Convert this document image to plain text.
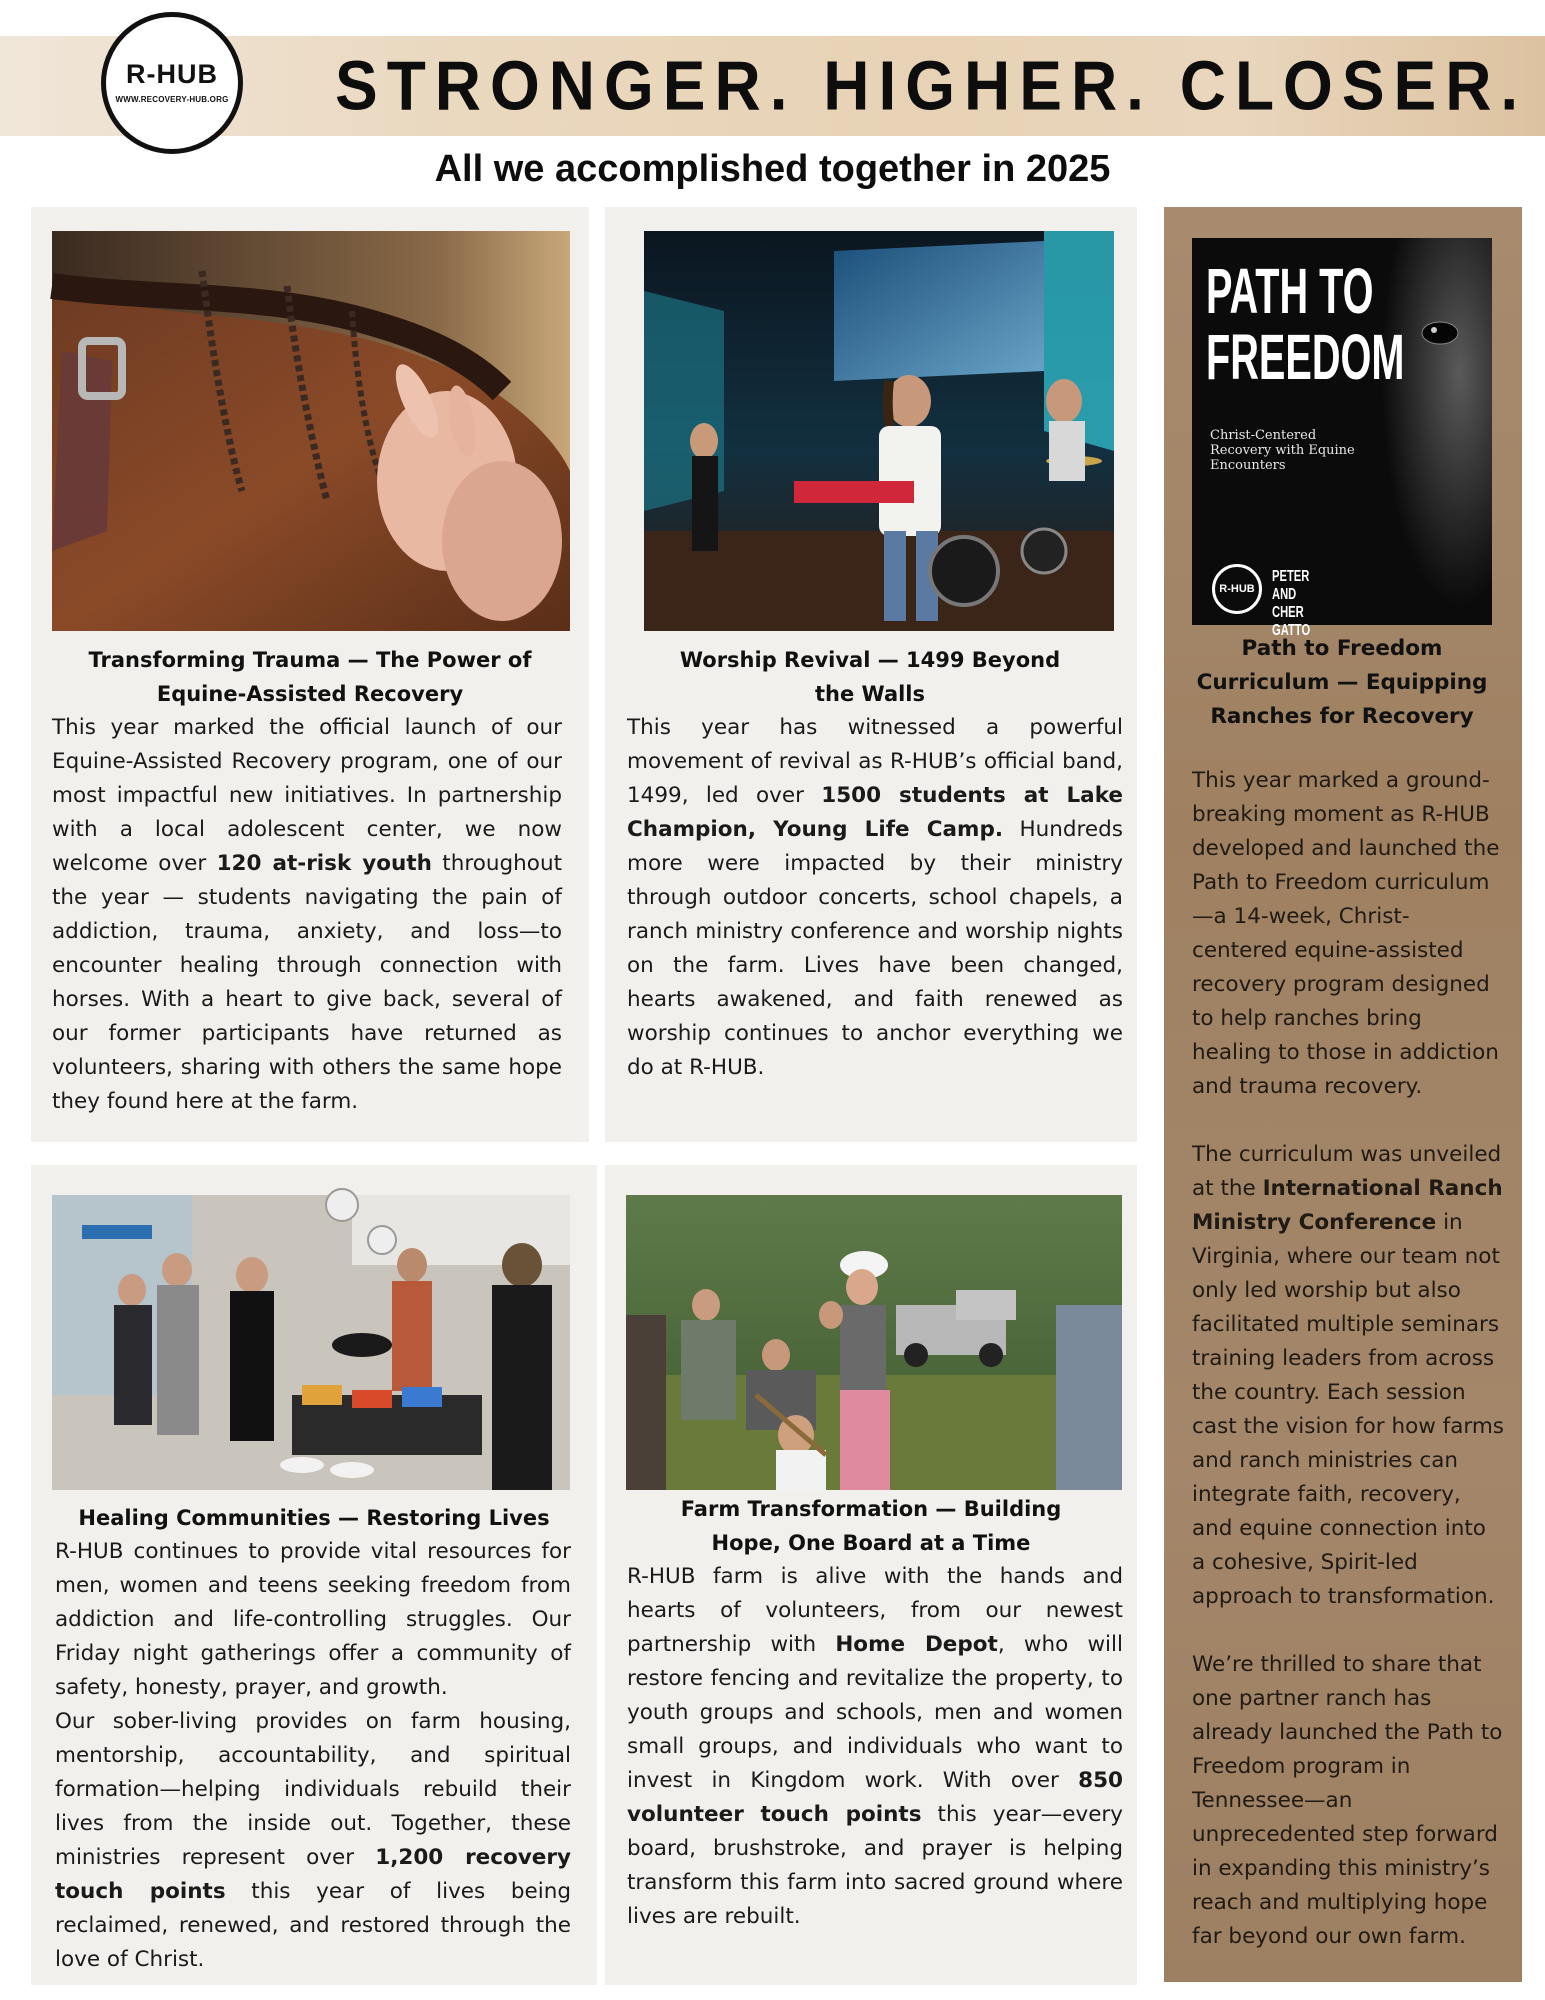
R-HUB
WWW.RECOVERY-HUB.ORG STRONGER. HIGHER. CLOSER.
All we accomplished together in 2025
Transforming Trauma — The Power of Equine-Assisted Recovery
This year marked the official launch of our Equine-Assisted Recovery program, one of our most impactful new initiatives. In partnership with a local adolescent center, we now welcome over 120 at-risk youth throughout the year — students navigating the pain of addiction, trauma, anxiety, and loss—to encounter healing through connection with horses. With a heart to give back, several of our former participants have returned as volunteers, sharing with others the same hope they found here at the farm.
Worship Revival — 1499 Beyond the Walls
This year has witnessed a powerful movement of revival as R-HUB’s official band, 1499, led over 1500 students at Lake Champion, Young Life Camp. Hundreds more were impacted by their ministry through outdoor concerts, school chapels, a ranch ministry conference and worship nights on the farm. Lives have been changed, hearts awakened, and faith renewed as worship continues to anchor everything we do at R-HUB.
Healing Communities — Restoring Lives

R-HUB continues to provide vital resources for men, women and teens seeking freedom from addiction and life-controlling struggles. Our Friday night gatherings offer a community of safety, honesty, prayer, and growth.

Our sober-living provides on farm housing, mentorship, accountability, and spiritual formation—helping individuals rebuild their lives from the inside out. Together, these ministries represent over 1,200 recovery touch points this year of lives being reclaimed, renewed, and restored through the love of Christ.

Farm Transformation — Building Hope, One Board at a Time
R-HUB farm is alive with the hands and hearts of volunteers, from our newest partnership with Home Depot, who will restore fencing and revitalize the property, to youth groups and schools, men and women small groups, and individuals who want to invest in Kingdom work. With over 850 volunteer touch points this year—every board, brushstroke, and prayer is helping transform this farm into sacred ground where lives are rebuilt.
PATH TO
FREEDOM
Christ-Centered Recovery with Equine Encounters
R-HUB
PETER AND CHER GATTO
Path to Freedom Curriculum — Equipping Ranches for Recovery

This year marked a ground-breaking moment as R-HUB developed and launched the Path to Freedom curriculum —a 14-week, Christ-centered equine-assisted recovery program designed to help ranches bring healing to those in addiction and trauma recovery.

The curriculum was unveiled at the International Ranch Ministry Conference in Virginia, where our team not only led worship but also facilitated multiple seminars training leaders from across the country. Each session cast the vision for how farms and ranch ministries can integrate faith, recovery, and equine connection into a cohesive, Spirit-led approach to transformation.

We’re thrilled to share that one partner ranch has already launched the Path to Freedom program in Tennessee—an unprecedented step forward in expanding this ministry’s reach and multiplying hope far beyond our own farm.
